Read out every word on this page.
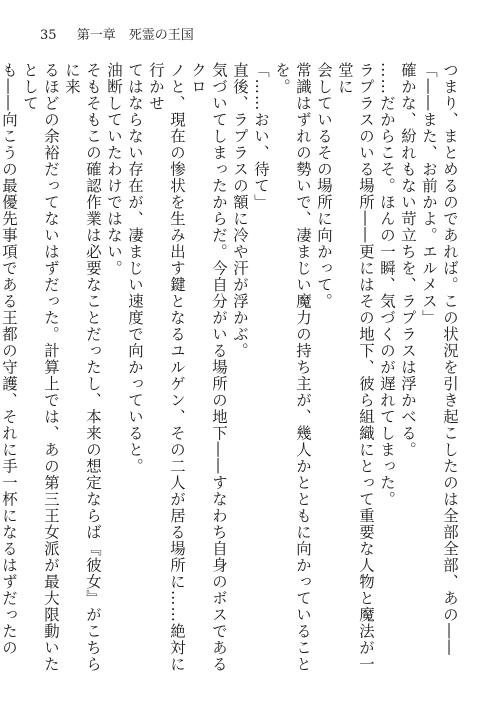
35 第一章　死霊の王国

つまり、まとめるのであれば。この状況を引き起こしたのは全部全部、あの――

「――また、お前かよ。エルメス」

確かな、紛れもない苛立ちを、ラプラスは浮かべる。

……だからこそ。ほんの一瞬、気づくのが遅れてしまった。

ラプラスのいる場所――更にはその地下、彼ら組織にとって重要な人物と魔法が一堂に

会しているその場所に向かって。

常識はずれの勢いで、凄まじい魔力の持ち主が、幾人かとともに向かっていることを。

「……おい、待て」

直後、ラプラスの額に冷や汗が浮かぶ。

気づいてしまったからだ。今自分がいる場所の地下――すなわち自身のボスであるクロ

ノと、現在の惨状を生み出す鍵となるユルゲン、その二人が居る場所に……絶対に行かせ

てはならない存在が、凄まじい速度で向かっていると。

油断していたわけではない。

そもそもこの確認作業は必要なことだったし、本来の想定ならば『彼女』がこちらに来

るほどの余裕だってないはずだった。計算上では、あの第三王女派が最大限動いたとして

も――向こうの最優先事項である王都の守護、それに手一杯になるはずだったの
